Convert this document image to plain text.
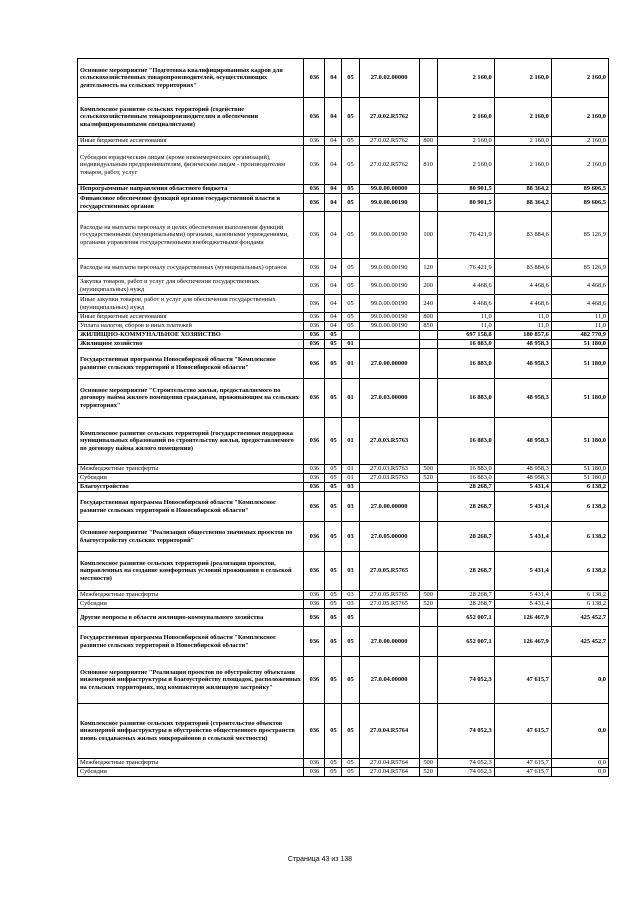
Основное мероприятие "Подготовка квалифицированных кадров для сельскохозяйственных товаропроизводителей, осуществляющих деятельность на сельских территориях"	036	04	05	27.0.02.00000		2 160,0	2 160,0	2 160,0
Комплексное развитие сельских территорий (содействие сельскохозяйственным товаропроизводителям в обеспечении квалифицированными специалистами)	036	04	05	27.0.02.R5762		2 160,0	2 160,0	2 160,0
Иные бюджетные ассигнования	036	04	05	27.0.02.R5762	800	2 160,0	2 160,0	2 160,0
Субсидии юридическим лицам (кроме некоммерческих организаций), индивидуальным предпринимателям, физическим лицам - производителям товаров, работ, услуг	036	04	05	27.0.02.R5762	810	2 160,0	2 160,0	2 160,0
Непрограммные направления областного бюджета	036	04	05	99.0.00.00000		80 901,5	88 364,2	89 606,5
Финансовое обеспечение функций органов государственной власти и государственных органов	036	04	05	99.0.00.00190		80 901,5	88 364,2	89 606,5
Расходы на выплаты персоналу в целях обеспечения выполнения функций государственными (муниципальными) органами, казенными учреждениями, органами управления государственными внебюджетными фондами	036	04	05	99.0.00.00190	100	76 421,9	83 884,6	85 126,9
Расходы на выплаты персоналу государственных (муниципальных) органов	036	04	05	99.0.00.00190	120	76 421,9	83 884,6	85 126,9
Закупка товаров, работ и услуг для обеспечения государственных (муниципальных) нужд	036	04	05	99.0.00.00190	200	4 468,6	4 468,6	4 468,6
Иные закупки товаров, работ и услуг для обеспечения государственных (муниципальных) нужд	036	04	05	99.0.00.00190	240	4 468,6	4 468,6	4 468,6
Иные бюджетные ассигнования	036	04	05	99.0.00.00190	800	11,0	11,0	11,0
Уплата налогов, сборов и иных платежей	036	04	05	99.0.00.00190	850	11,0	11,0	11,0
ЖИЛИЩНО-КОММУНАЛЬНОЕ ХОЗЯЙСТВО	036	05				697 158,8	180 857,6	482 770,9
Жилищное хозяйство	036	05	01			16 883,0	48 958,3	51 180,0
Государственная программа Новосибирской области "Комплексное развитие сельских территорий в Новосибирской области"	036	05	01	27.0.00.00000		16 883,0	48 958,3	51 180,0
Основное мероприятие "Строительство жилья, предоставляемого по договору найма жилого помещения гражданам, проживающим на сельских территориях"	036	05	01	27.0.03.00000		16 883,0	48 958,3	51 180,0
Комплексное развитие сельских территорий (государственная поддержка муниципальных образований по строительству жилья, предоставляемого по договору найма жилого помещения)	036	05	01	27.0.03.R5763		16 883,0	48 958,3	51 180,0
Межбюджетные трансферты	036	05	01	27.0.03.R5763	500	16 883,0	48 958,3	51 180,0
Субсидии	036	05	01	27.0.03.R5763	520	16 883,0	48 958,3	51 180,0
Благоустройство	036	05	03			28 268,7	5 431,4	6 138,2
Государственная программа Новосибирской области "Комплексное развитие сельских территорий в Новосибирской области"	036	05	03	27.0.00.00000		28 268,7	5 431,4	6 138,2
Основное мероприятие "Реализация общественно значимых проектов по благоустройству сельских территорий"	036	05	03	27.0.05.00000		28 268,7	5 431,4	6 138,2
Комплексное развитие сельских территорий (реализация проектов, направленных на создание комфортных условий проживания в сельской местности)	036	05	03	27.0.05.R5765		28 268,7	5 431,4	6 138,2
Межбюджетные трансферты	036	05	03	27.0.05.R5765	500	28 268,7	5 431,4	6 138,2
Субсидии	036	05	03	27.0.05.R5765	520	28 268,7	5 431,4	6 138,2
Другие вопросы в области жилищно-коммунального хозяйства	036	05	05			652 007,1	126 467,9	425 452,7
Государственная программа Новосибирской области "Комплексное развитие сельских территорий в Новосибирской области"	036	05	05	27.0.00.00000		652 007,1	126 467,9	425 452,7
Основное мероприятие "Реализация проектов по обустройству объектами инженерной инфраструктуры и благоустройству площадок, расположенных на сельских территориях, под компактную жилищную застройку"	036	05	05	27.0.04.00000		74 052,3	47 615,7	0,0
Комплексное развитие сельских территорий (строительство объектов инженерной инфраструктуры и обустройство общественного пространств вновь создаваемых жилых микрорайонов в сельской местности)	036	05	05	27.0.04.R5764		74 052,3	47 615,7	0,0
Межбюджетные трансферты	036	05	05	27.0.04.R5764	500	74 052,3	47 615,7	0,0
Субсидии	036	05	05	27.0.04.R5764	520	74 052,3	47 615,7	0,0
Страница 43 из 138
